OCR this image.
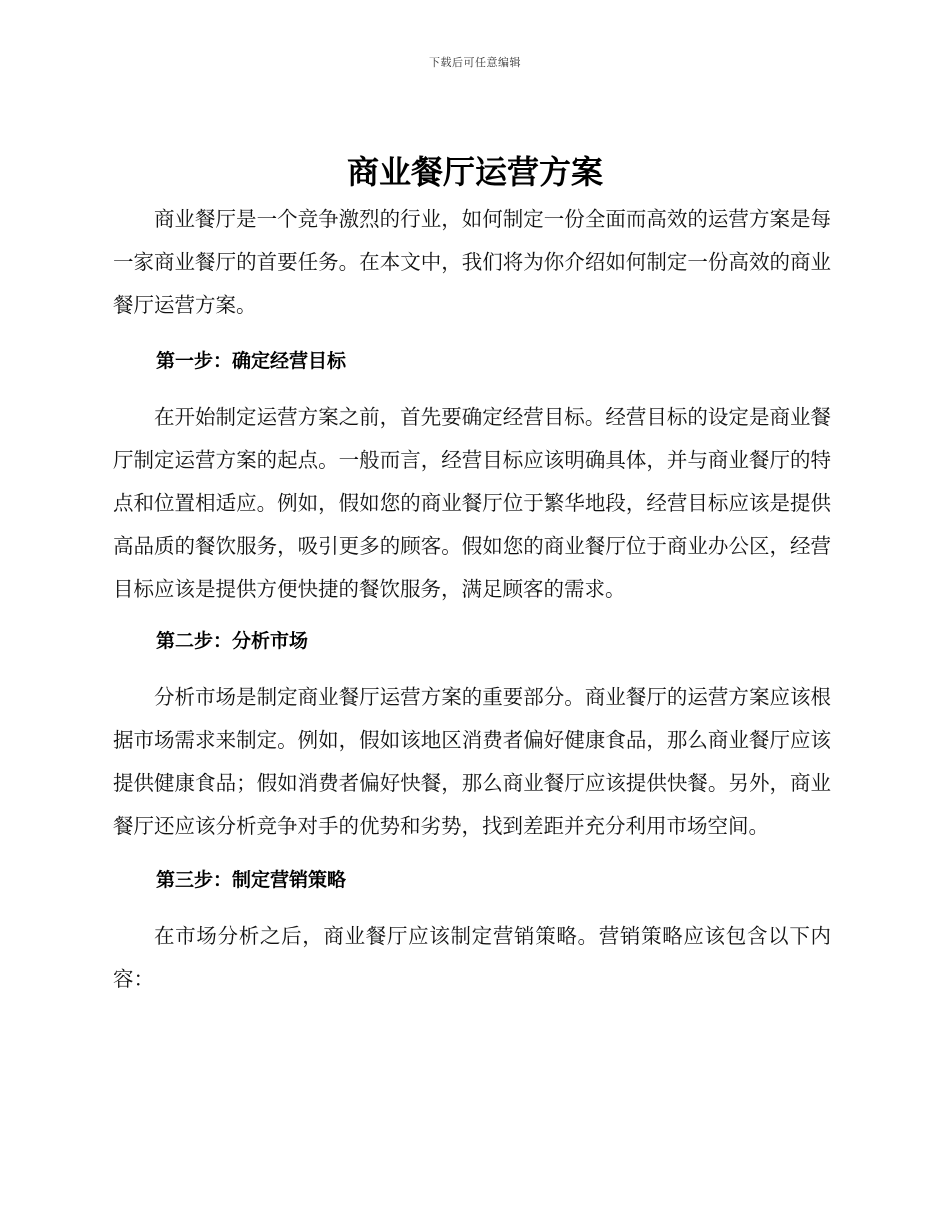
下载后可任意编辑
商业餐厅运营方案

商业餐厅是一个竞争激烈的行业，如何制定一份全面而高效的运营方案是每一家商业餐厅的首要任务。在本文中，我们将为你介绍如何制定一份高效的商业餐厅运营方案。

第一步：确定经营目标

在开始制定运营方案之前，首先要确定经营目标。经营目标的设定是商业餐厅制定运营方案的起点。一般而言，经营目标应该明确具体，并与商业餐厅的特点和位置相适应。例如，假如您的商业餐厅位于繁华地段，经营目标应该是提供高品质的餐饮服务，吸引更多的顾客。假如您的商业餐厅位于商业办公区，经营目标应该是提供方便快捷的餐饮服务，满足顾客的需求。

第二步：分析市场

分析市场是制定商业餐厅运营方案的重要部分。商业餐厅的运营方案应该根据市场需求来制定。例如，假如该地区消费者偏好健康食品，那么商业餐厅应该提供健康食品；假如消费者偏好快餐，那么商业餐厅应该提供快餐。另外，商业餐厅还应该分析竞争对手的优势和劣势，找到差距并充分利用市场空间。

第三步：制定营销策略

在市场分析之后，商业餐厅应该制定营销策略。营销策略应该包含以下内容：
